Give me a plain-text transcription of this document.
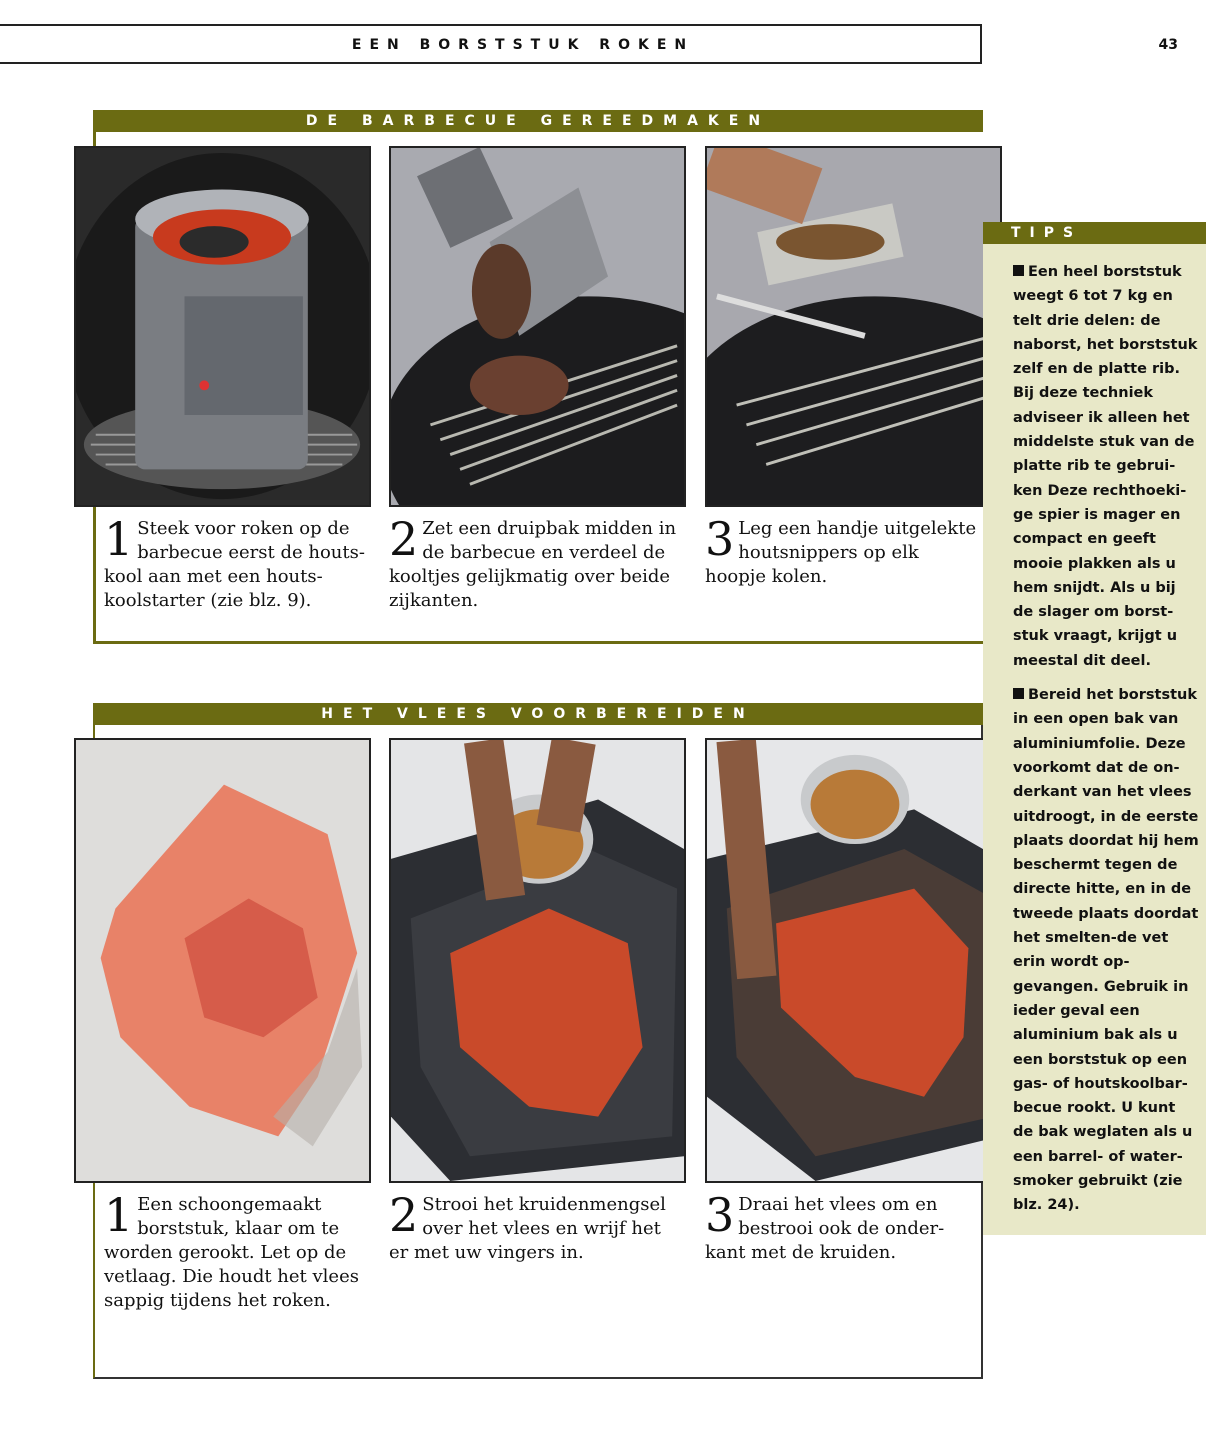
EEN BORSTSTUK ROKEN	43
DE BARBECUE GEREEDMAKEN
1 Steek voor roken op de barbecue eerst de houts-kool aan met een houts-koolstarter (zie blz. 9).
2 Zet een druipbak midden in de barbecue en verdeel de kooltjes gelijkmatig over beide zijkanten.
3 Leg een handje uitgelekte houtsnippers op elk hoopje kolen.
HET VLEES VOORBEREIDEN
1 Een schoongemaakt borststuk, klaar om te worden gerookt. Let op de vetlaag. Die houdt het vlees sappig tijdens het roken.
2 Strooi het kruidenmengsel over het vlees en wrijf het er met uw vingers in.
3 Draai het vlees om en bestrooi ook de onder-kant met de kruiden.
TIPS

Een heel borststuk weegt 6 tot 7 kg en telt drie delen: de naborst, het borststuk zelf en de platte rib. Bij deze techniek adviseer ik alleen het middelste stuk van de platte rib te gebrui-ken Deze rechthoeki-ge spier is mager en compact en geeft mooie plakken als u hem snijdt. Als u bij de slager om borst-stuk vraagt, krijgt u meestal dit deel.

Bereid het borststuk in een open bak van aluminiumfolie. Deze voorkomt dat de on-derkant van het vlees uitdroogt, in de eerste plaats doordat hij hem beschermt tegen de directe hitte, en in de tweede plaats doordat het smelten-de vet erin wordt op-gevangen. Gebruik in ieder geval een aluminium bak als u een borststuk op een gas- of houtskoolbar-becue rookt. U kunt de bak weglaten als u een barrel- of water-smoker gebruikt (zie blz. 24).
